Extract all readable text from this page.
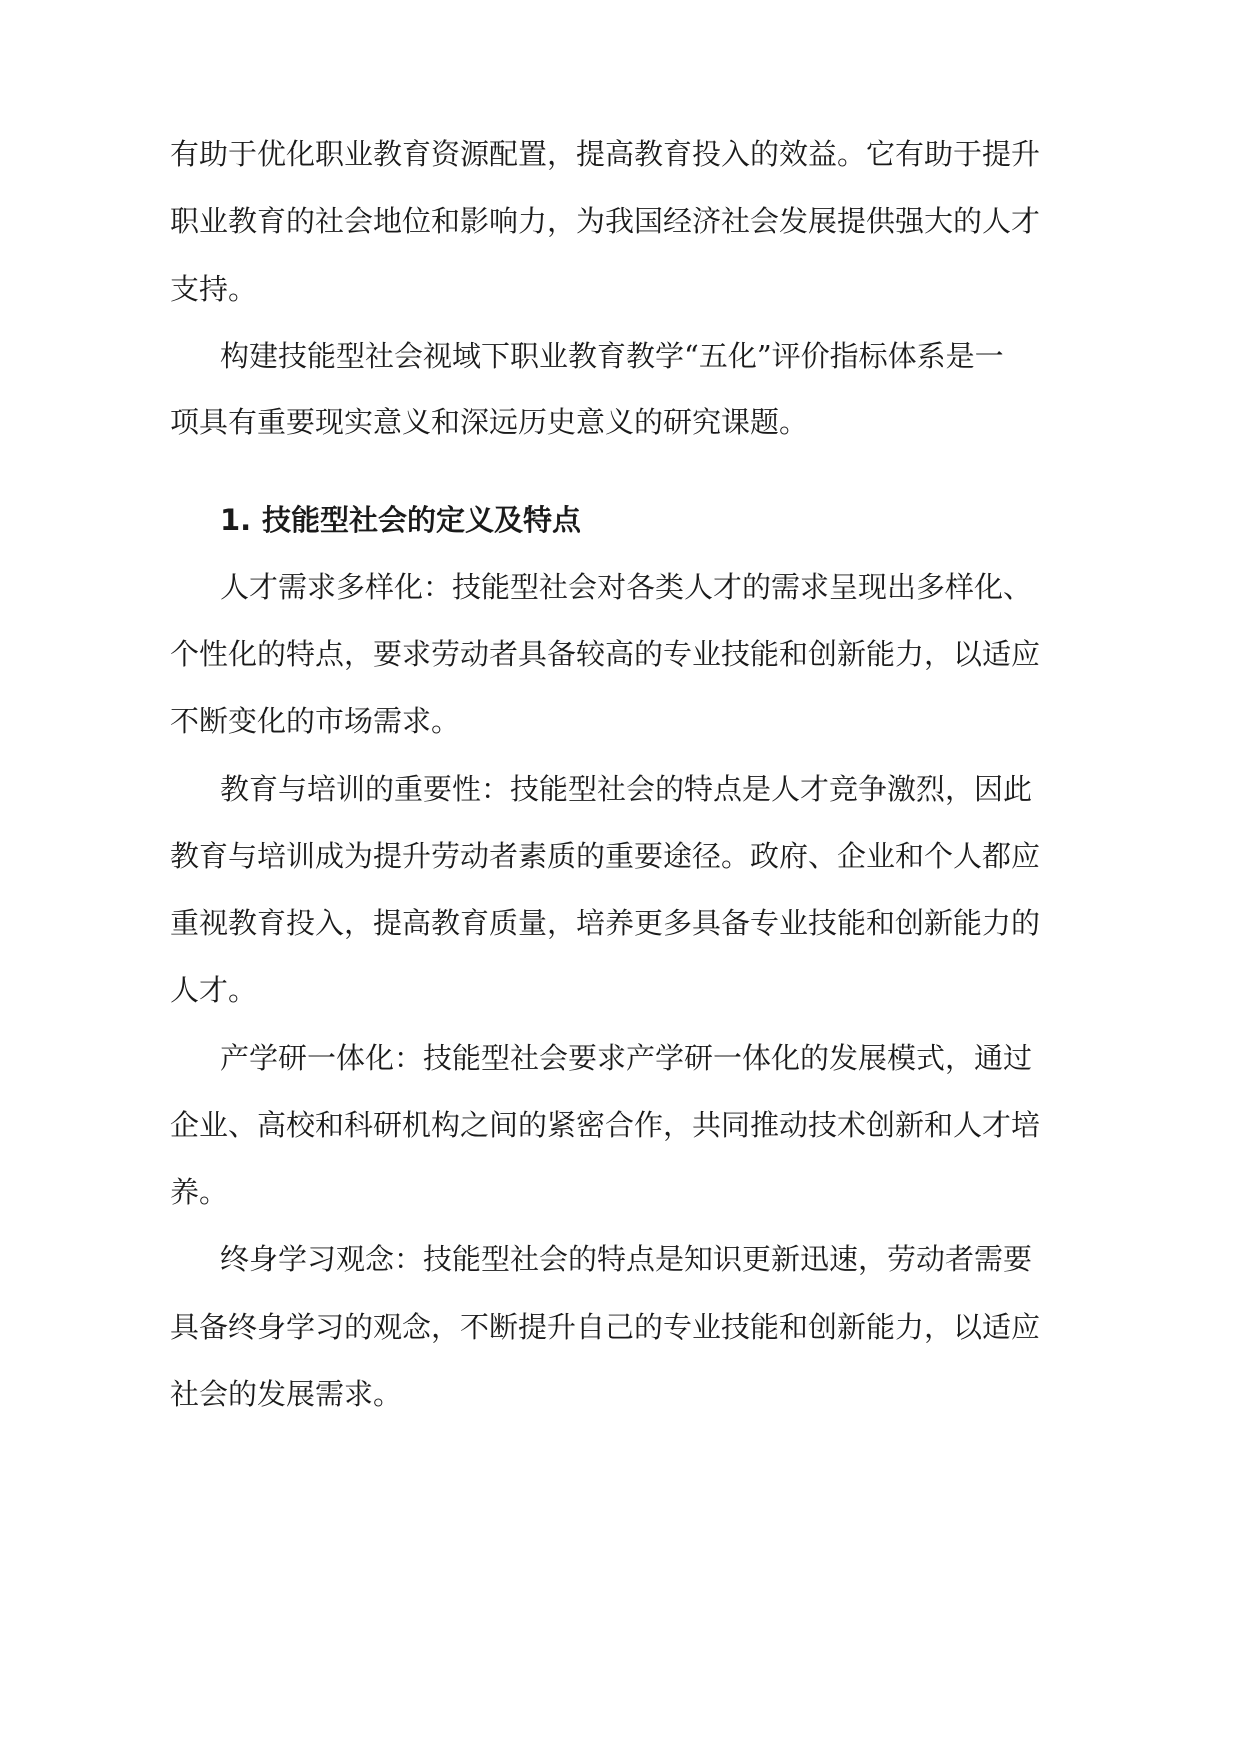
有助于优化职业教育资源配置，提高教育投入的效益。它有助于提升
职业教育的社会地位和影响力，为我国经济社会发展提供强大的人才
支持。
构建技能型社会视域下职业教育教学“五化”评价指标体系是一
项具有重要现实意义和深远历史意义的研究课题。
1. 技能型社会的定义及特点
人才需求多样化：技能型社会对各类人才的需求呈现出多样化、
个性化的特点，要求劳动者具备较高的专业技能和创新能力，以适应
不断变化的市场需求。
教育与培训的重要性：技能型社会的特点是人才竞争激烈，因此
教育与培训成为提升劳动者素质的重要途径。政府、企业和个人都应
重视教育投入，提高教育质量，培养更多具备专业技能和创新能力的
人才。
产学研一体化：技能型社会要求产学研一体化的发展模式，通过
企业、高校和科研机构之间的紧密合作，共同推动技术创新和人才培
养。
终身学习观念：技能型社会的特点是知识更新迅速，劳动者需要
具备终身学习的观念，不断提升自己的专业技能和创新能力，以适应
社会的发展需求。
